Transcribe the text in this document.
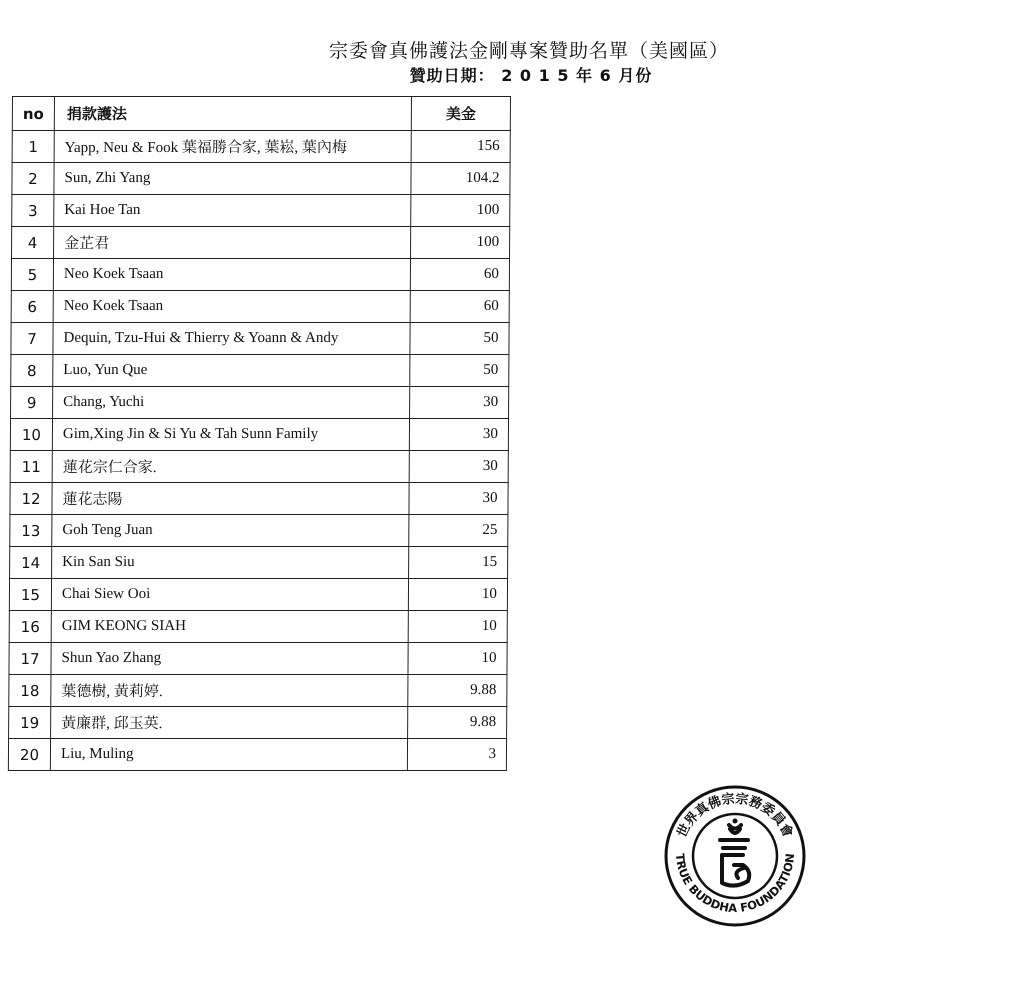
宗委會真佛護法金剛專案贊助名單（美國區）
贊助日期： 2 0 1 5 年 6 月份
no	捐款護法	美金
1	Yapp, Neu & Fook 葉福勝合家, 葉崧, 葉內梅	156
2	Sun, Zhi Yang	104.2
3	Kai Hoe Tan	100
4	金芷君	100
5	Neo Koek Tsaan	60
6	Neo Koek Tsaan	60
7	Dequin, Tzu-Hui & Thierry & Yoann & Andy	50
8	Luo, Yun Que	50
9	Chang, Yuchi	30
10	Gim,Xing Jin & Si Yu & Tah Sunn Family	30
11	蓮花宗仁合家.	30
12	蓮花志陽	30
13	Goh Teng Juan	25
14	Kin San Siu	15
15	Chai Siew Ooi	10
16	GIM KEONG SIAH	10
17	Shun Yao Zhang	10
18	葉德樹, 黃莉婷.	9.88
19	黃廉群, 邱玉英.	9.88
20	Liu, Muling	3
世界真佛宗宗務委員會
TRUE BUDDHA FOUNDATION
